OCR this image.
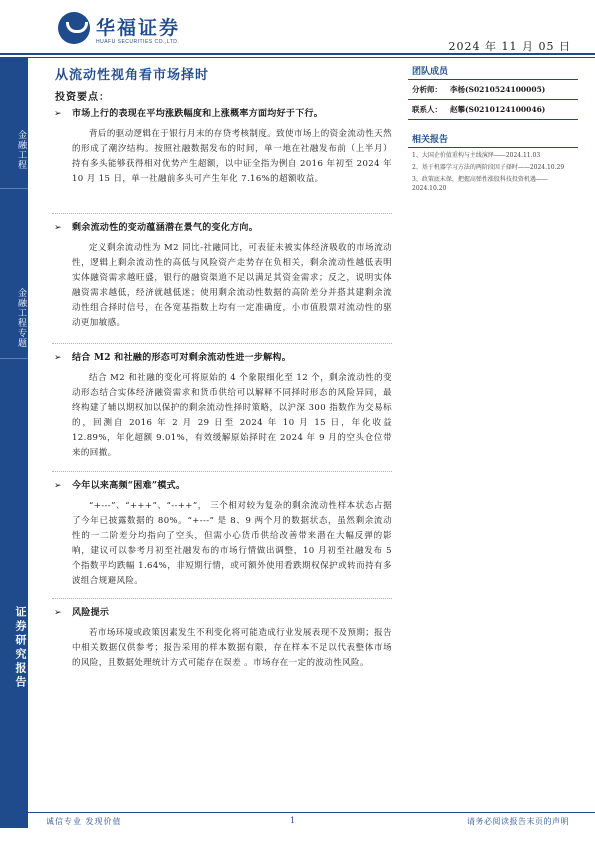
华福证券
HUAFU SECURITIES CO.,LTD.	2024 年 11 月 05 日
金融工程
金融工程专题
证券研究报告
从流动性视角看市场择时
投资要点：
➢	市场上行的表现在平均涨跌幅度和上涨概率方面均好于下行。

背后的驱动逻辑在于银行月末的存贷考核制度。致使市场上的资金流动性天然的形成了潮汐结构。按照社融数据发布的时间，单一地在社融发布前（上半月）持有多头能够获得相对优势产生超额，以中证全指为例自 2016 年初至 2024 年 10 月 15 日，单一社融前多头可产生年化 7.16%的超额收益。

➢	剩余流动性的变动蕴涵潜在景气的变化方向。

定义剩余流动性为 M2 同比-社融同比，可表征未被实体经济吸收的市场流动性，逻辑上剩余流动性的高低与风险资产走势存在负相关，剩余流动性越低表明实体融资需求越旺盛，银行的融资渠道不足以满足其资金需求；反之，说明实体融资需求越低，经济就越低迷；使用剩余流动性数据的高阶差分并搭其建剩余流动性组合择时信号，在各宽基指数上均有一定准确度，小市值股票对流动性的驱动更加敏感。

➢	结合 M2 和社融的形态可对剩余流动性进一步解构。

结合 M2 和社融的变化可将原始的 4 个象限细化至 12 个，剩余流动性的变动形态结合实体经济融资需求和货币供给可以解释不同择时形态的风险异同，最终构建了辅以期权加以保护的剩余流动性择时策略，以沪深 300 指数作为交易标的，回测自 2016 年 2 月 29 日至 2024 年 10 月 15 日，年化收益 12.89%，年化超额 9.01%，有效缓解原始择时在 2024 年 9 月的空头仓位带来的回撤。

➢	今年以来高频“困难”模式。

“+---”、“+++”、“--++”， 三个相对较为复杂的剩余流动性样本状态占据了今年已披露数据的 80%。“+---” 是 8、9 两个月的数据状态，虽然剩余流动性的一二阶差分均指向了空头，但需小心货币供给改善带来潜在大幅反弹的影响，建议可以参考月初至社融发布的市场行情做出调整，10 月初至社融发布 5 个指数平均跌幅 1.64%，非短期行情，或可额外使用看跌期权保护或转而持有多波组合规避风险。

➢	风险提示

若市场环境或政策因素发生不利变化将可能造成行业发展表现不及预期；报告中相关数据仅供参考；报告采用的样本数据有限，存在样本不足以代表整体市场的风险，且数据处理统计方式可能存在误差 。市场存在一定的波动性风险。

团队成员
分析师：	李杨(S0210524100005)
联系人：	赵攀(S0210124100046)
相关报告
1、大国企价值重构与主线演绎——2024.11.03
2、基于机器学习方法的两阶段因子择时——2024.10.29
3、政策底未保，把握高弹性涨股科技投资机遇——2024.10.20
诚信专业 发现价值	1	请务必阅读报告末页的声明
